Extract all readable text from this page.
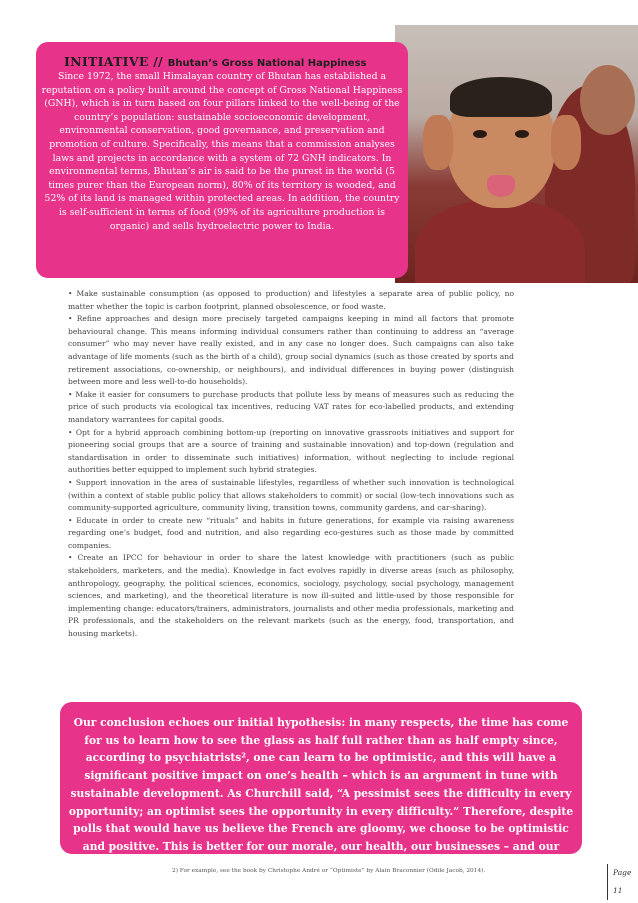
INITIATIVE // Bhutan’s Gross National Happiness
Since 1972, the small Himalayan country of Bhutan has established a reputation on a policy built around the concept of Gross National Happiness (GNH), which is in turn based on four pillars linked to the well-being of the country’s population: sustainable socioeconomic development, environmental conservation, good governance, and preservation and promotion of culture. Specifically, this means that a commission analyses laws and projects in accordance with a system of 72 GNH indicators. In environmental terms, Bhutan’s air is said to be the purest in the world (5 times purer than the European norm), 80% of its territory is wooded, and 52% of its land is managed within protected areas. In addition, the country is self-sufficient in terms of food (99% of its agriculture production is organic) and sells hydroelectric power to India.

• Make sustainable consumption (as opposed to production) and lifestyles a separate area of public policy, no matter whether the topic is carbon footprint, planned obsolescence, or food waste.

• Refine approaches and design more precisely targeted campaigns keeping in mind all factors that promote behavioural change. This means informing individual consumers rather than continuing to address an “average consumer” who may never have really existed, and in any case no longer does. Such campaigns can also take advantage of life moments (such as the birth of a child), group social dynamics (such as those created by sports and retirement associations, co-ownership, or neighbours), and individual differences in buying power (distinguish between more and less well-to-do households).

• Make it easier for consumers to purchase products that pollute less by means of measures such as reducing the price of such products via ecological tax incentives, reducing VAT rates for eco-labelled products, and extending mandatory warrantees for capital goods.

• Opt for a hybrid approach combining bottom-up (reporting on innovative grassroots initiatives and support for pioneering social groups that are a source of training and sustainable innovation) and top-down (regulation and standardisation in order to disseminate such initiatives) information, without neglecting to include regional authorities better equipped to implement such hybrid strategies.

• Support innovation in the area of sustainable lifestyles, regardless of whether such innovation is technological (within a context of stable public policy that allows stakeholders to commit) or social (low-tech innovations such as community-supported agriculture, community living, transition towns, community gardens, and car-sharing).

• Educate in order to create new “rituals” and habits in future generations, for example via raising awareness regarding one’s budget, food and nutrition, and also regarding eco-gestures such as those made by committed companies.

• Create an IPCC for behaviour in order to share the latest knowledge with practitioners (such as public stakeholders, marketers, and the media). Knowledge in fact evolves rapidly in diverse areas (such as philosophy, anthropology, geography, the political sciences, economics, sociology, psychology, social psychology, management sciences, and marketing), and the theoretical literature is now ill-suited and little-used by those responsible for implementing change: educators/trainers, administrators, journalists and other media professionals, marketing and PR professionals, and the stakeholders on the relevant markets (such as the energy, food, transportation, and housing markets).

Our conclusion echoes our initial hypothesis: in many respects, the time has come for us to learn how to see the glass as half full rather than as half empty since, according to psychiatrists², one can learn to be optimistic, and this will have a significant positive impact on one’s health – which is an argument in tune with sustainable development. As Churchill said, “A pessimist sees the difficulty in every opportunity; an optimist sees the opportunity in every difficulty.” Therefore, despite polls that would have us believe the French are gloomy, we choose to be optimistic and positive. This is better for our morale, our health, our businesses – and our planet.
2) For example, see the book by Christophe André or “Optimiste” by Alain Braconnier (Odile Jacob, 2014).	Page 11
